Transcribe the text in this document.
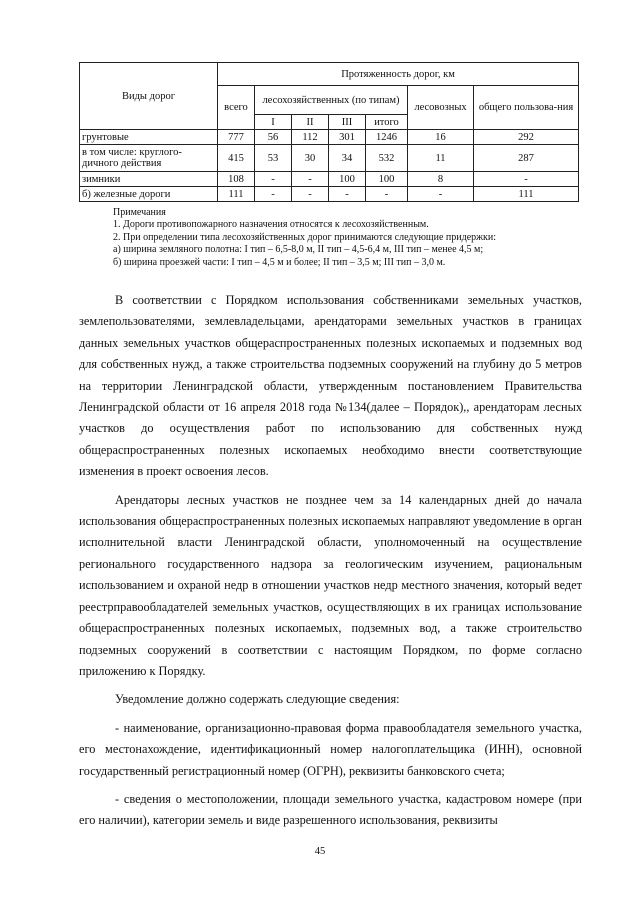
Виды дорог	Протяженность дорог, км						
	всего	лесохозяйственных (по типам)				лесовозных	общего пользова-ния
		I	II	III	итого		
грунтовые	777	56	112	301	1246	16	292
в том числе: круглого-дичного действия	415	53	30	34	532	11	287
зимники	108	-	-	100	100	8	-
б) железные дороги	111	-	-	-	-	-	111
Примечания
1. Дороги противопожарного назначения относятся к лесохозяйственным.
2. При определении типа лесохозяйственных дорог принимаются следующие придержки:
а) ширина земляного полотна: I тип – 6,5-8,0 м, II тип – 4,5-6,4 м, III тип – менее 4,5 м;
б) ширина проезжей части: I тип – 4,5 м и более; II тип – 3,5 м; III тип – 3,0 м.

В соответствии с Порядком использования собственниками земельных участков, землепользователями, землевладельцами, арендаторами земельных участков в границах данных земельных участков общераспространенных полезных ископаемых и подземных вод для собственных нужд, а также строительства подземных сооружений на глубину до 5 метров на территории Ленинградской области, утвержденным постановлением Правительства Ленинградской области от 16 апреля 2018 года №134(далее – Порядок),, арендаторам лесных участков до осуществления работ по использованию для собственных нужд общераспространенных полезных ископаемых необходимо внести соответствующие изменения в проект освоения лесов.

Арендаторы лесных участков не позднее чем за 14 календарных дней до начала использования общераспространенных полезных ископаемых направляют уведомление в орган исполнительной власти Ленинградской области, уполномоченный на осуществление регионального государственного надзора за геологическим изучением, рациональным использованием и охраной недр в отношении участков недр местного значения, который ведет реестрправообладателей земельных участков, осуществляющих в их границах использование общераспространенных полезных ископаемых, подземных вод, а также строительство подземных сооружений в соответствии с настоящим Порядком, по форме согласно приложению к Порядку.

Уведомление должно содержать следующие сведения:

- наименование, организационно-правовая форма правообладателя земельного участка, его местонахождение, идентификационный номер налогоплательщика (ИНН), основной государственный регистрационный номер (ОГРН), реквизиты банковского счета;

- сведения о местоположении, площади земельного участка, кадастровом номере (при его наличии), категории земель и виде разрешенного использования, реквизиты

45
